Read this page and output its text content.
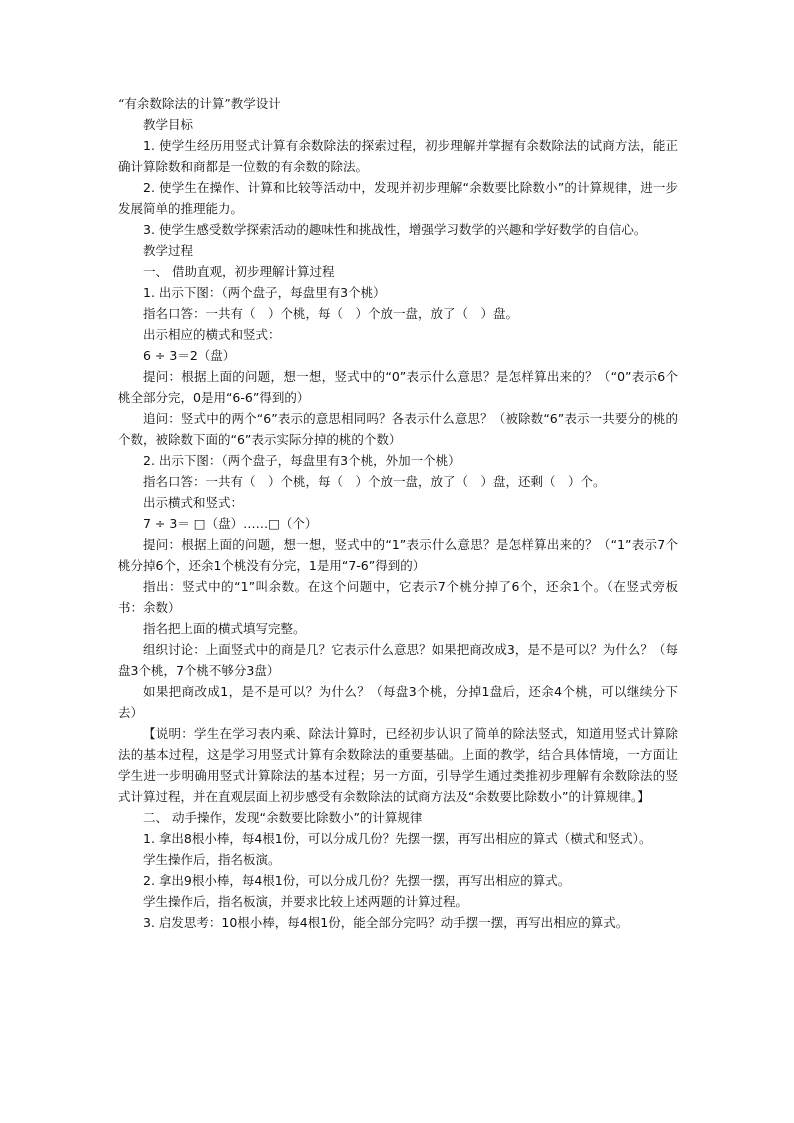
“有余数除法的计算”教学设计

教学目标

1. 使学生经历用竖式计算有余数除法的探索过程，初步理解并掌握有余数除法的试商方法，能正确计算除数和商都是一位数的有余数的除法。

2. 使学生在操作、计算和比较等活动中，发现并初步理解“余数要比除数小”的计算规律，进一步发展简单的推理能力。

3. 使学生感受数学探索活动的趣味性和挑战性，增强学习数学的兴趣和学好数学的自信心。

教学过程

一、 借助直观，初步理解计算过程

1. 出示下图：（两个盘子，每盘里有3个桃）

指名口答：一共有（　）个桃，每（　）个放一盘，放了（　）盘。

出示相应的横式和竖式：

6 ÷ 3＝2（盘）

提问：根据上面的问题，想一想，竖式中的“0”表示什么意思？是怎样算出来的？（“0”表示6个桃全部分完，0是用“6-6”得到的）

追问：竖式中的两个“6”表示的意思相同吗？各表示什么意思？（被除数“6”表示一共要分的桃的个数，被除数下面的“6”表示实际分掉的桃的个数）

2. 出示下图：（两个盘子，每盘里有3个桃，外加一个桃）

指名口答：一共有（　）个桃，每（　）个放一盘，放了（　）盘，还剩（　）个。

出示横式和竖式：

7 ÷ 3＝ □（盘）……□（个）

提问：根据上面的问题，想一想，竖式中的“1”表示什么意思？是怎样算出来的？（“1”表示7个桃分掉6个，还余1个桃没有分完，1是用“7-6”得到的）

指出：竖式中的“1”叫余数。在这个问题中，它表示7个桃分掉了6个，还余1个。（在竖式旁板书：余数）

指名把上面的横式填写完整。

组织讨论：上面竖式中的商是几？它表示什么意思？如果把商改成3，是不是可以？为什么？（每盘3个桃，7个桃不够分3盘）

如果把商改成1，是不是可以？为什么？（每盘3个桃，分掉1盘后，还余4个桃，可以继续分下去）

【说明：学生在学习表内乘、除法计算时，已经初步认识了简单的除法竖式，知道用竖式计算除法的基本过程，这是学习用竖式计算有余数除法的重要基础。上面的教学，结合具体情境，一方面让学生进一步明确用竖式计算除法的基本过程；另一方面，引导学生通过类推初步理解有余数除法的竖式计算过程，并在直观层面上初步感受有余数除法的试商方法及“余数要比除数小”的计算规律。】

二、 动手操作，发现“余数要比除数小”的计算规律

1. 拿出8根小棒，每4根1份，可以分成几份？先摆一摆，再写出相应的算式（横式和竖式）。

学生操作后，指名板演。

2. 拿出9根小棒，每4根1份，可以分成几份？先摆一摆，再写出相应的算式。

学生操作后，指名板演，并要求比较上述两题的计算过程。

3. 启发思考：10根小棒，每4根1份，能全部分完吗？动手摆一摆，再写出相应的算式。
